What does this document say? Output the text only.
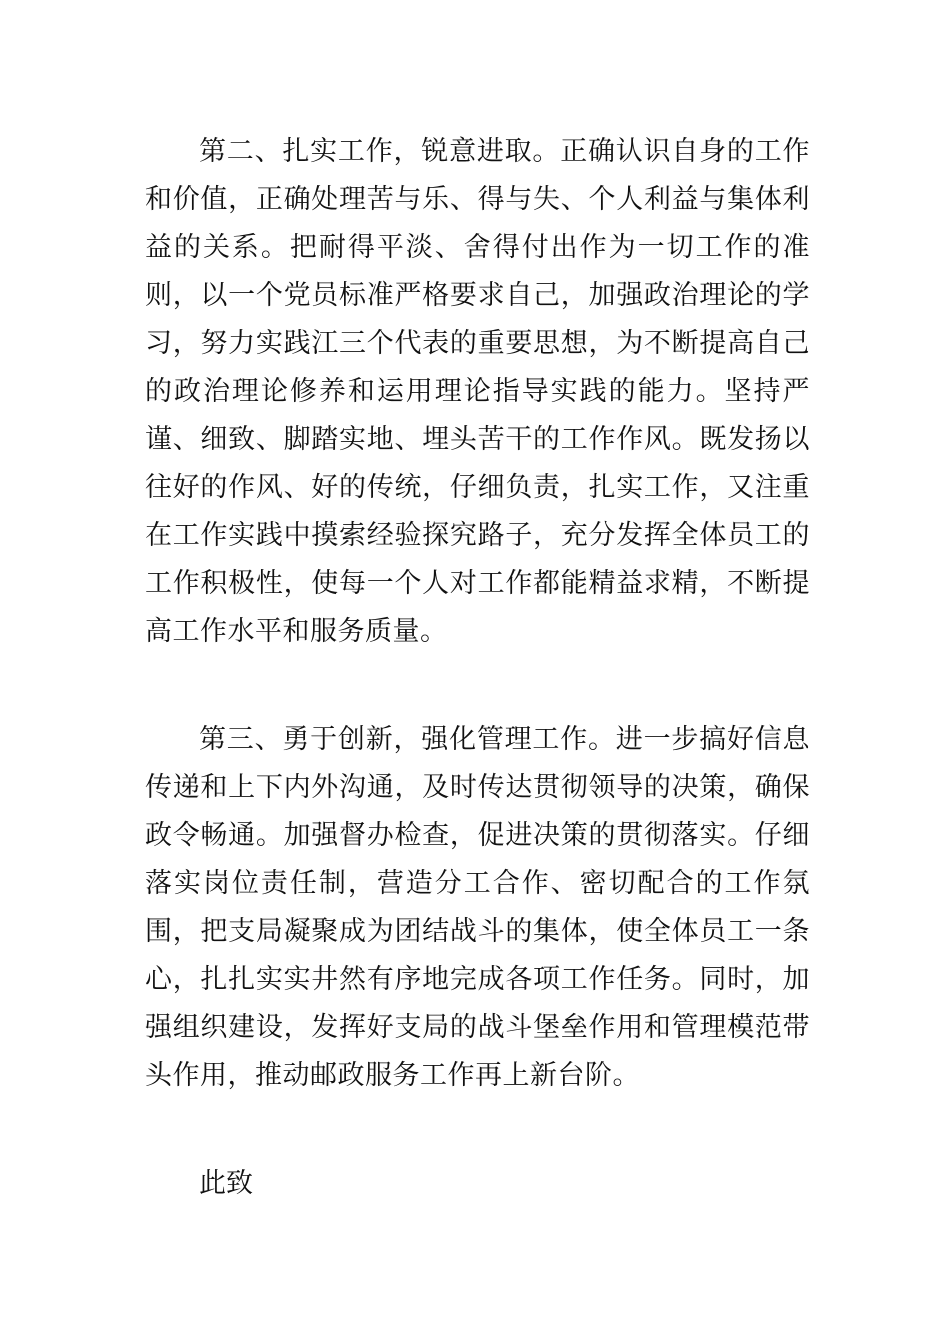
第二、扎实工作，锐意进取。正确认识自身的工作和价值，正确处理苦与乐、得与失、个人利益与集体利益的关系。把耐得平淡、舍得付出作为一切工作的准则，以一个党员标准严格要求自己，加强政治理论的学习，努力实践江三个代表的重要思想，为不断提高自己的政治理论修养和运用理论指导实践的能力。坚持严谨、细致、脚踏实地、埋头苦干的工作作风。既发扬以往好的作风、好的传统，仔细负责，扎实工作，又注重在工作实践中摸索经验探究路子，充分发挥全体员工的工作积极性，使每一个人对工作都能精益求精，不断提高工作水平和服务质量。

第三、勇于创新，强化管理工作。进一步搞好信息传递和上下内外沟通，及时传达贯彻领导的决策，确保政令畅通。加强督办检查，促进决策的贯彻落实。仔细落实岗位责任制，营造分工合作、密切配合的工作氛围，把支局凝聚成为团结战斗的集体，使全体员工一条心，扎扎实实井然有序地完成各项工作任务。同时，加强组织建设，发挥好支局的战斗堡垒作用和管理模范带头作用，推动邮政服务工作再上新台阶。

此致
